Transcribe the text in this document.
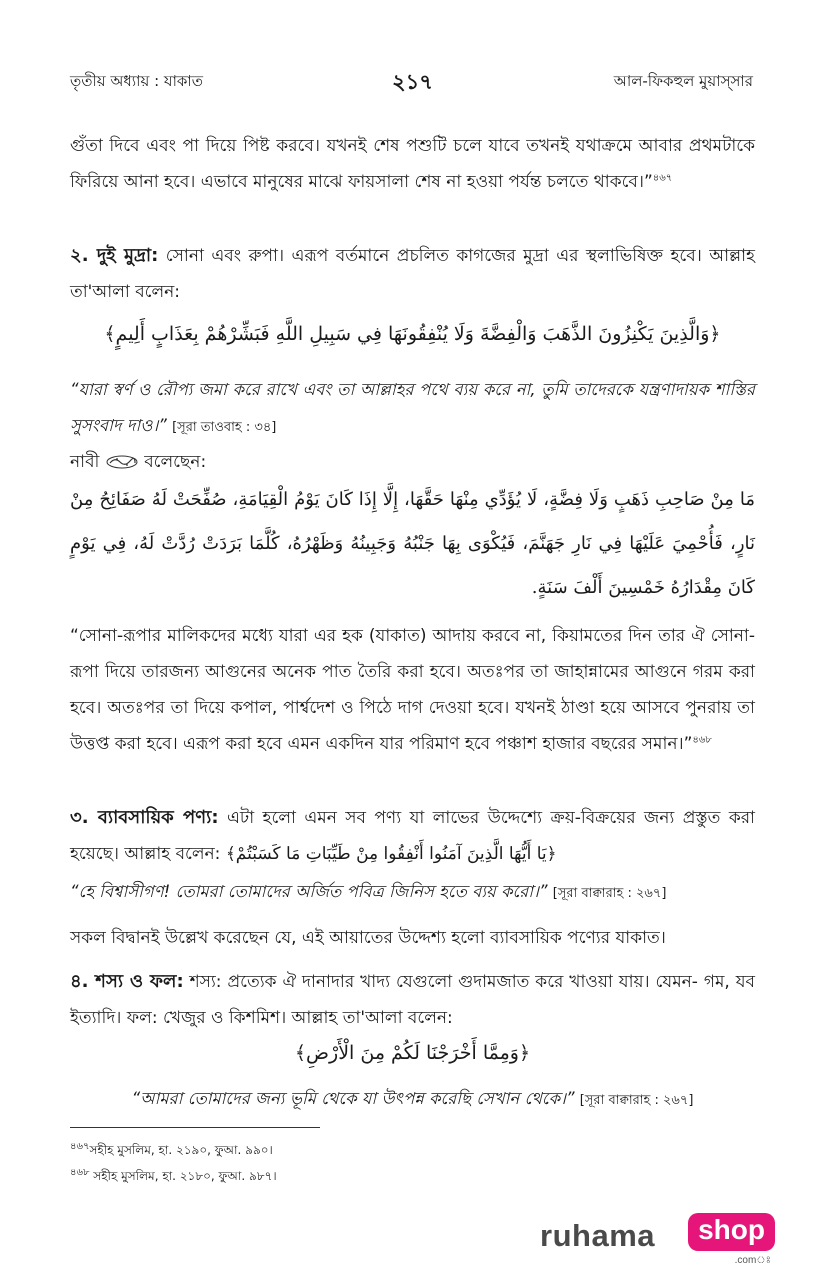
তৃতীয় অধ্যায় : যাকাত	২১৭	আল-ফিকহুল মুয়াস্সার
গুঁতা দিবে এবং পা দিয়ে পিষ্ট করবে। যখনই শেষ পশুটি চলে যাবে তখনই যথাক্রমে আবার প্রথমটাকে ফিরিয়ে আনা হবে। এভাবে মানুষের মাঝে ফায়সালা শেষ না হওয়া পর্যন্ত চলতে থাকবে।”$^{৪৬৭}$
২. দুই মুদ্রা: সোনা এবং রুপা। এরূপ বর্তমানে প্রচলিত কাগজের মুদ্রা এর স্থলাভিষিক্ত হবে। আল্লাহ তা'আলা বলেন:
﴿وَالَّذِينَ يَكْنِزُونَ الذَّهَبَ وَالْفِضَّةَ وَلَا يُنْفِقُونَهَا فِي سَبِيلِ اللَّهِ فَبَشِّرْهُمْ بِعَذَابٍ أَلِيمٍ﴾
“যারা স্বর্ণ ও রৌপ্য জমা করে রাখে এবং তা আল্লাহর পথে ব্যয় করে না, তুমি তাদেরকে যন্ত্রণাদায়ক শাস্তির সুসংবাদ দাও।” [সূরা তাওবাহ : ৩৪]
নাবী  বলেছেন:
مَا مِنْ صَاحِبِ ذَهَبٍ وَلَا فِضَّةٍ، لَا يُؤَدِّي مِنْهَا حَقَّهَا، إِلَّا إِذَا كَانَ يَوْمُ الْقِيَامَةِ، صُفِّحَتْ لَهُ صَفَائِحُ مِنْ نَارٍ، فَأُحْمِيَ عَلَيْهَا فِي نَارِ جَهَنَّمَ، فَيُكْوَى بِهَا جَنْبُهُ وَجَبِينُهُ وَظَهْرُهُ، كُلَّمَا بَرَدَتْ رُدَّتْ لَهُ، فِي يَوْمٍ كَانَ مِقْدَارُهُ خَمْسِينَ أَلْفَ سَنَةٍ.
“সোনা-রূপার মালিকদের মধ্যে যারা এর হক (যাকাত) আদায় করবে না, কিয়ামতের দিন তার ঐ সোনা-রূপা দিয়ে তারজন্য আগুনের অনেক পাত তৈরি করা হবে। অতঃপর তা জাহান্নামের আগুনে গরম করা হবে। অতঃপর তা দিয়ে কপাল, পার্শ্বদেশ ও পিঠে দাগ দেওয়া হবে। যখনই ঠাণ্ডা হয়ে আসবে পুনরায় তা উত্তপ্ত করা হবে। এরূপ করা হবে এমন একদিন যার পরিমাণ হবে পঞ্চাশ হাজার বছরের সমান।”$^{৪৬৮}$
৩. ব্যাবসায়িক পণ্য: এটা হলো এমন সব পণ্য যা লাভের উদ্দেশ্যে ক্রয়-বিক্রয়ের জন্য প্রস্তুত করা হয়েছে। আল্লাহ বলেন: ﴿يَا أَيُّهَا الَّذِينَ آمَنُوا أَنْفِقُوا مِنْ طَيِّبَاتِ مَا كَسَبْتُمْ﴾
“হে বিশ্বাসীগণ! তোমরা তোমাদের অর্জিত পবিত্র জিনিস হতে ব্যয় করো।” [সূরা বাক্বারাহ : ২৬৭]
সকল বিদ্বানই উল্লেখ করেছেন যে, এই আয়াতের উদ্দেশ্য হলো ব্যাবসায়িক পণ্যের যাকাত।
৪. শস্য ও ফল: শস্য: প্রত্যেক ঐ দানাদার খাদ্য যেগুলো গুদামজাত করে খাওয়া যায়। যেমন- গম, যব ইত্যাদি। ফল: খেজুর ও কিশমিশ। আল্লাহ তা'আলা বলেন:
﴿وَمِمَّا أَخْرَجْنَا لَكُمْ مِنَ الْأَرْضِ﴾
“আমরা তোমাদের জন্য ভূমি থেকে যা উৎপন্ন করেছি সেখান থেকে।” [সূরা বাক্বারাহ : ২৬৭]
$^{৪৬৭}$সহীহ মুসলিম, হা. ২১৯০, ফুআ. ৯৯০।
$^{৪৬৮}$ সহীহ মুসলিম, হা. ২১৮০, ফুআ. ৯৮৭।
ruhama	shop
.comঃ
